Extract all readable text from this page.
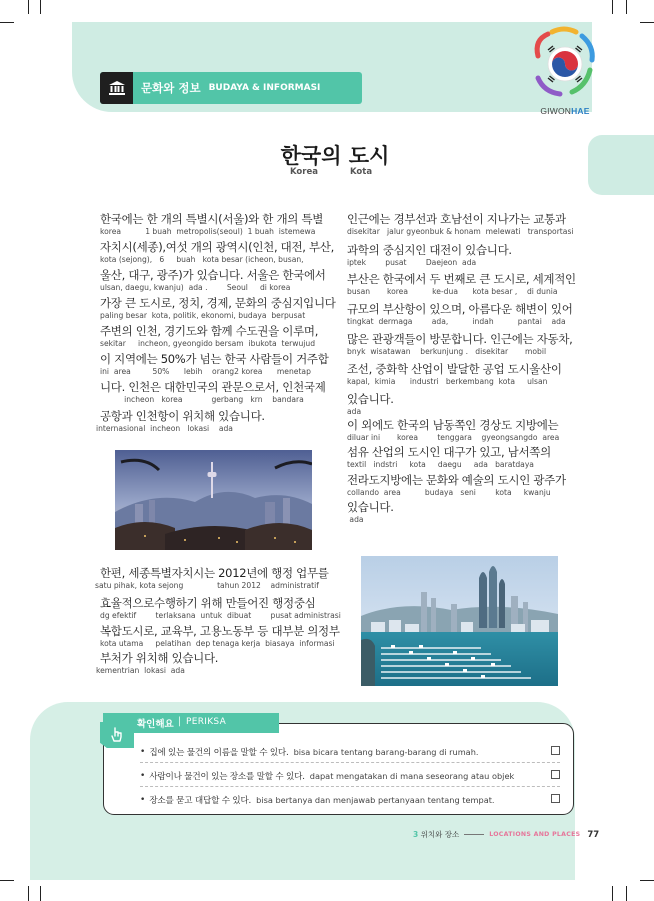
문화와 정보 BUDAYA & INFORMASI
GIWONHAE
한국의 도시
Korea	Kota
한국에는 한 개의 특별시(서울)와 한 개의 특별
korea          1 buah  metropolis(seoul)  1 buah  istemewa
자치시(세종),여섯 개의 광역시(인천, 대전, 부산,
kota (sejong),   6     buah   kota besar (icheon, busan,
울산, 대구, 광주)가 있습니다. 서울은 한국에서
ulsan, daegu, kwanju)  ada .        Seoul     di korea
가장 큰 도시로, 정치, 경제, 문화의 중심지입니다
paling besar  kota, politik, ekonomi, budaya  berpusat
주변의 인천, 경기도와 함께 수도권을 이루며,
sekitar     incheon, gyeongido bersam  ibukota  terwujud
이 지역에는 50%가 넘는 한국 사람들이 거주합
ini  area         50%      lebih    orang2 korea      menetap
니다. 인천은 대한민국의 관문으로서, 인천국제
incheon   korea            gerbang   krn    bandara
공항과 인천항이 위치해 있습니다.
internasional  incheon   lokasi    ada
인근에는 경부선과 호남선이 지나가는 교통과
disekitar   jalur gyeonbuk & honam  melewati   transportasi
과학의 중심지인 대전이 있습니다.
iptek        pusat        Daejeon  ada
부산은 한국에서 두 번째로 큰 도시로, 세계적인
busan       korea          ke-dua      kota besar ,    di dunia
규모의 부산항이 있으며, 아름다운 해변이 있어
tingkat  dermaga        ada,          indah          pantai    ada
많은 관광객들이 방문합니다. 인근에는 자동차,
bnyk  wisatawan    berkunjung .   disekitar       mobil
조선, 중화학 산업이 발달한 공업 도시울산이
kapal,  kimia      industri   berkembang  kota     ulsan
있습니다.
ada
이 외에도 한국의 남동쪽인 경상도 지방에는
diluar ini       korea        tenggara    gyeongsangdo  area
섬유 산업의 도시인 대구가 있고, 남서쪽의
textil   indstri     kota     daegu     ada   baratdaya
전라도지방에는 문화와 예술의 도시인 광주가
collando  area          budaya   seni        kota     kwanju
있습니다.
ada
한편, 세종특별자치시는 2012년에 행정 업무를
satu pihak, kota sejong              tahun 2012    administratif
효율적으로수행하기 위해 만들어진 행정중심
dg efektif        terlaksana  untuk  dibuat        pusat administrasi
복합도시로, 교육부, 고용노동부 등 대부분 의정부
kota utama     pelatihan  dep tenaga kerja  biasaya  informasi
부처가 위치해 있습니다.
kementrian  lokasi  ada
확인해요 | PERIKSA
• 집에 있는 물건의 이름을 말할 수 있다. bisa bicara tentang barang-barang di rumah.
• 사람이나 물건이 있는 장소를 말할 수 있다. dapat mengatakan di mana seseorang atau objek
• 장소를 묻고 대답할 수 있다. bisa bertanya dan menjawab pertanyaan tentang tempat.
3 위치와 장소	LOCATIONS AND PLACES 77
